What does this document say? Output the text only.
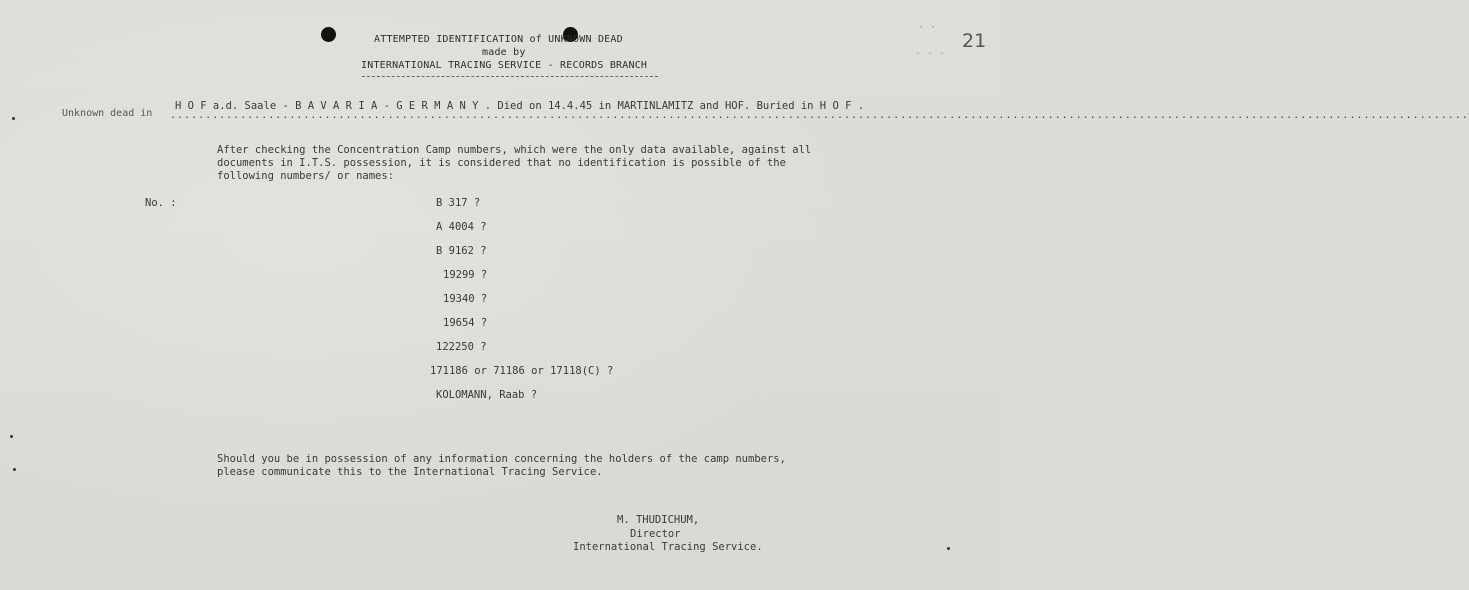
21
· ·
- - -
ATTEMPTED IDENTIFICATION of UNKNOWN DEAD
made by
INTERNATIONAL TRACING SERVICE - RECORDS BRANCH
Unknown dead in
H O F a.d. Saale - B A V A R I A - G E R M A N Y . Died on 14.4.45 in MARTINLAMITZ and HOF. Buried in H O F .
.........................................................................................................................................................................................
After checking the Concentration Camp numbers, which were the only data available, against all
documents in I.T.S. possession, it is considered that no identification is possible of the
following numbers/ or names:
No. :	B 317 ?
A 4004 ?
B 9162 ?
19299 ?
19340 ?
19654 ?
122250 ?
171186 or 71186 or 17118(C) ?
KOLOMANN, Raab ?
Should you be in possession of any information concerning the holders of the camp numbers,
please communicate this to the International Tracing Service.
M. THUDICHUM,
Director
International Tracing Service.
